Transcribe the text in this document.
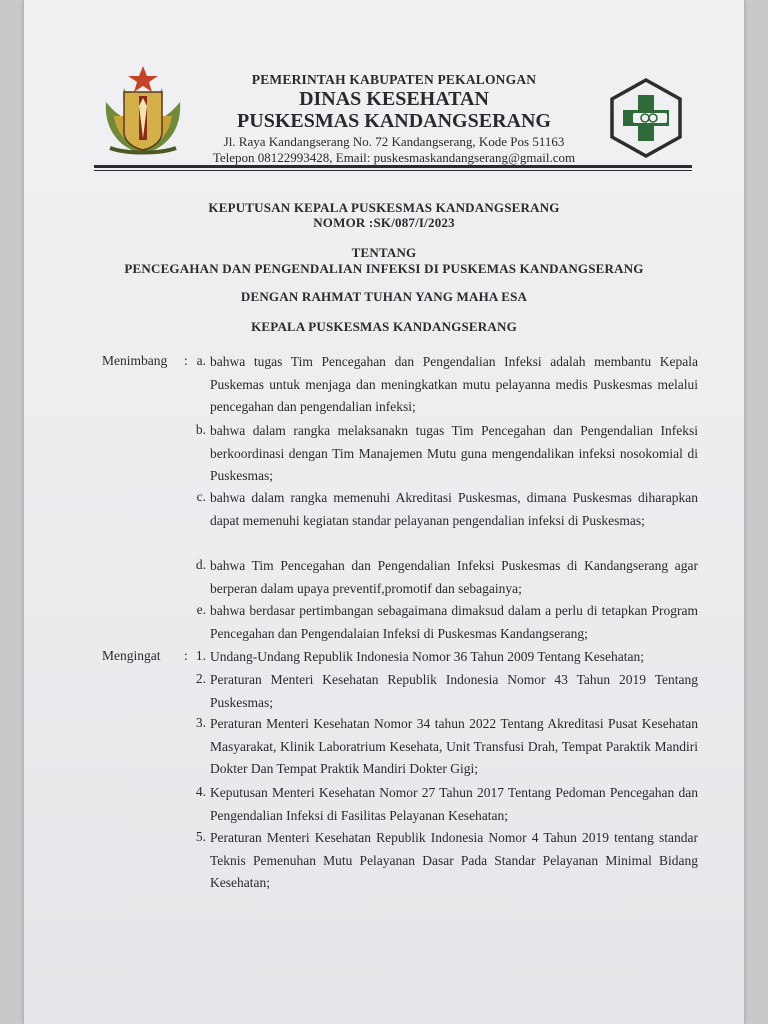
PEMERINTAH KABUPATEN PEKALONGAN
DINAS KESEHATAN
PUSKESMAS KANDANGSERANG
Jl. Raya Kandangserang No. 72 Kandangserang, Kode Pos 51163
Telepon 08122993428, Email: puskesmaskandangserang@gmail.com
KEPUTUSAN KEPALA PUSKESMAS KANDANGSERANG
NOMOR :SK/087/I/2023
TENTANG
PENCEGAHAN DAN PENGENDALIAN INFEKSI DI PUSKEMAS KANDANGSERANG
DENGAN RAHMAT TUHAN YANG MAHA ESA
KEPALA PUSKESMAS KANDANGSERANG
Menimbang : a. bahwa tugas Tim Pencegahan dan Pengendalian Infeksi adalah membantu Kepala Puskemas untuk menjaga dan meningkatkan mutu pelayanna medis Puskesmas melalui pencegahan dan pengendalian infeksi;
b. bahwa dalam rangka melaksanakn tugas Tim Pencegahan dan Pengendalian Infeksi berkoordinasi dengan Tim Manajemen Mutu guna mengendalikan infeksi nosokomial di Puskesmas;
c. bahwa dalam rangka memenuhi Akreditasi Puskesmas, dimana Puskesmas diharapkan dapat memenuhi kegiatan standar pelayanan pengendalian infeksi di Puskesmas;
d. bahwa Tim Pencegahan dan Pengendalian Infeksi Puskesmas di Kandangserang agar berperan dalam upaya preventif,promotif dan sebagainya;
e. bahwa berdasar pertimbangan sebagaimana dimaksud dalam a perlu di tetapkan Program Pencegahan dan Pengendalaian Infeksi di Puskesmas Kandangserang;
Mengingat : 1. Undang-Undang Republik Indonesia Nomor 36 Tahun 2009 Tentang Kesehatan;
2. Peraturan Menteri Kesehatan Republik Indonesia Nomor 43 Tahun 2019 Tentang Puskesmas;
3. Peraturan Menteri Kesehatan Nomor 34 tahun 2022 Tentang Akreditasi Pusat Kesehatan Masyarakat, Klinik Laboratrium Kesehata, Unit Transfusi Drah, Tempat Paraktik Mandiri Dokter Dan Tempat Praktik Mandiri Dokter Gigi;
4. Keputusan Menteri Kesehatan Nomor 27 Tahun 2017 Tentang Pedoman Pencegahan dan Pengendalian Infeksi di Fasilitas Pelayanan Kesehatan;
5. Peraturan Menteri Kesehatan Republik Indonesia Nomor 4 Tahun 2019 tentang standar Teknis Pemenuhan Mutu Pelayanan Dasar Pada Standar Pelayanan Minimal Bidang Kesehatan;
